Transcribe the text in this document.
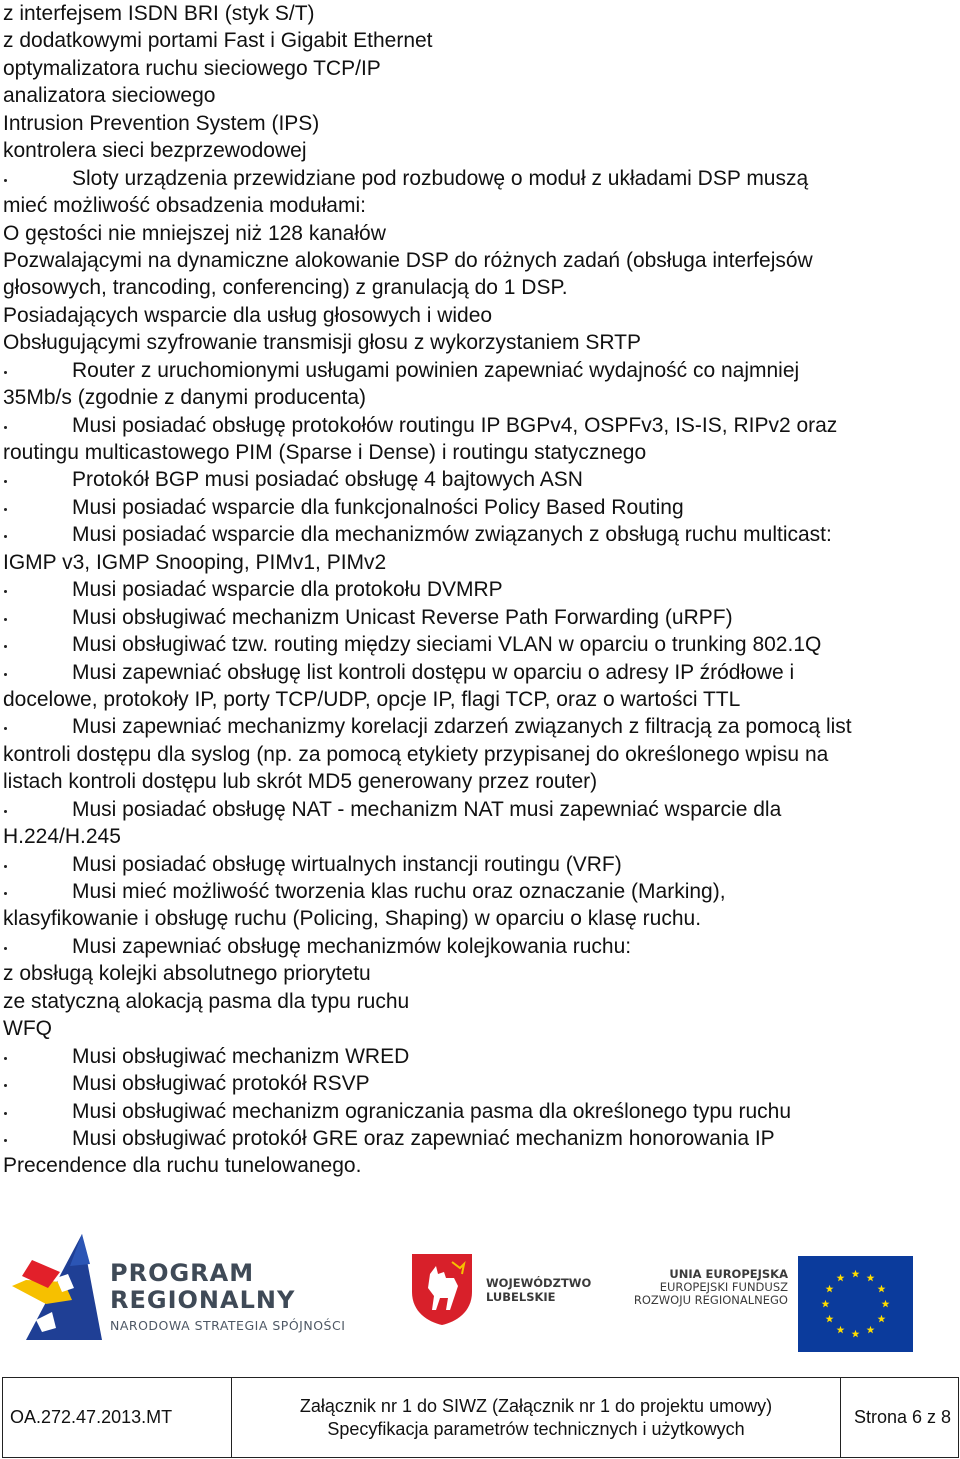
z interfejsem ISDN BRI (styk S/T)
z dodatkowymi portami Fast i Gigabit Ethernet
optymalizatora ruchu sieciowego TCP/IP
analizatora sieciowego
Intrusion Prevention System (IPS)
kontrolera sieci bezprzewodowej
Sloty urządzenia przewidziane pod rozbudowę o moduł z układami DSP muszą
mieć możliwość obsadzenia modułami:
O gęstości nie mniejszej niż 128 kanałów
Pozwalającymi na dynamiczne alokowanie DSP do różnych zadań (obsługa interfejsów
głosowych, trancoding, conferencing) z granulacją do 1 DSP.
Posiadających wsparcie dla usług głosowych i wideo
Obsługującymi szyfrowanie transmisji głosu z wykorzystaniem SRTP
Router z uruchomionymi usługami powinien zapewniać wydajność co najmniej
35Mb/s (zgodnie z danymi producenta)
Musi posiadać obsługę protokołów routingu IP BGPv4, OSPFv3, IS-IS, RIPv2 oraz
routingu multicastowego PIM (Sparse i Dense) i routingu statycznego
Protokół BGP musi posiadać obsługę 4 bajtowych ASN
Musi posiadać wsparcie dla funkcjonalności Policy Based Routing
Musi posiadać wsparcie dla mechanizmów związanych z obsługą ruchu multicast:
IGMP v3, IGMP Snooping, PIMv1, PIMv2
Musi posiadać wsparcie dla protokołu DVMRP
Musi obsługiwać mechanizm Unicast Reverse Path Forwarding (uRPF)
Musi obsługiwać tzw. routing między sieciami VLAN w oparciu o trunking 802.1Q
Musi zapewniać obsługę list kontroli dostępu w oparciu o adresy IP źródłowe i
docelowe, protokoły IP, porty TCP/UDP, opcje IP, flagi TCP, oraz o wartości TTL
Musi zapewniać mechanizmy korelacji zdarzeń związanych z filtracją za pomocą list
kontroli dostępu dla syslog (np. za pomocą etykiety przypisanej do określonego wpisu na
listach kontroli dostępu lub skrót MD5 generowany przez router)
Musi posiadać obsługę NAT - mechanizm NAT musi zapewniać wsparcie dla
H.224/H.245
Musi posiadać obsługę wirtualnych instancji routingu (VRF)
Musi mieć możliwość tworzenia klas ruchu oraz oznaczanie (Marking),
klasyfikowanie i obsługę ruchu (Policing, Shaping) w oparciu o klasę ruchu.
Musi zapewniać obsługę mechanizmów kolejkowania ruchu:
z obsługą kolejki absolutnego priorytetu
ze statyczną alokacją pasma dla typu ruchu
WFQ
Musi obsługiwać mechanizm WRED
Musi obsługiwać protokół RSVP
Musi obsługiwać mechanizm ograniczania pasma dla określonego typu ruchu
Musi obsługiwać protokół GRE oraz zapewniać mechanizm honorowania IP
Precendence dla ruchu tunelowanego.
PROGRAM
REGIONALNY
NARODOWA STRATEGIA SPÓJNOŚCI
WOJEWÓDZTWO
LUBELSKIE
UNIA EUROPEJSKA
EUROPEJSKI FUNDUSZ
ROZWOJU REGIONALNEGO
OA.272.47.2013.MT
Załącznik nr 1 do SIWZ (Załącznik nr 1 do projektu umowy)
Specyfikacja parametrów technicznych i użytkowych
Strona 6 z 8
